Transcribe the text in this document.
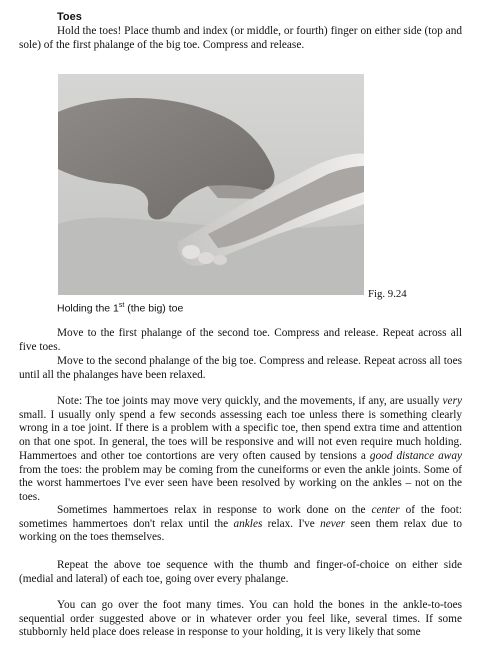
Toes
Hold the toes! Place thumb and index (or middle, or fourth) finger on either side (top and sole) of the first phalange of the big toe. Compress and release.
Fig. 9.24
Holding the 1st (the big) toe
Move to the first phalange of the second toe. Compress and release. Repeat across all five toes.
Move to the second phalange of the big toe. Compress and release. Repeat across all toes until all the phalanges have been relaxed.
Note: The toe joints may move very quickly, and the movements, if any, are usually very small. I usually only spend a few seconds assessing each toe unless there is something clearly wrong in a toe joint. If there is a problem with a specific toe, then spend extra time and attention on that one spot. In general, the toes will be responsive and will not even require much holding. Hammertoes and other toe contortions are very often caused by tensions a good distance away from the toes: the problem may be coming from the cuneiforms or even the ankle joints. Some of the worst hammertoes I've ever seen have been resolved by working on the ankles – not on the toes.
Sometimes hammertoes relax in response to work done on the center of the foot: sometimes hammertoes don't relax until the ankles relax. I've never seen them relax due to working on the toes themselves.
Repeat the above toe sequence with the thumb and finger-of-choice on either side (medial and lateral) of each toe, going over every phalange.
You can go over the foot many times. You can hold the bones in the ankle-to-toes sequential order suggested above or in whatever order you feel like, several times. If some stubbornly held place does release in response to your holding, it is very likely that some
